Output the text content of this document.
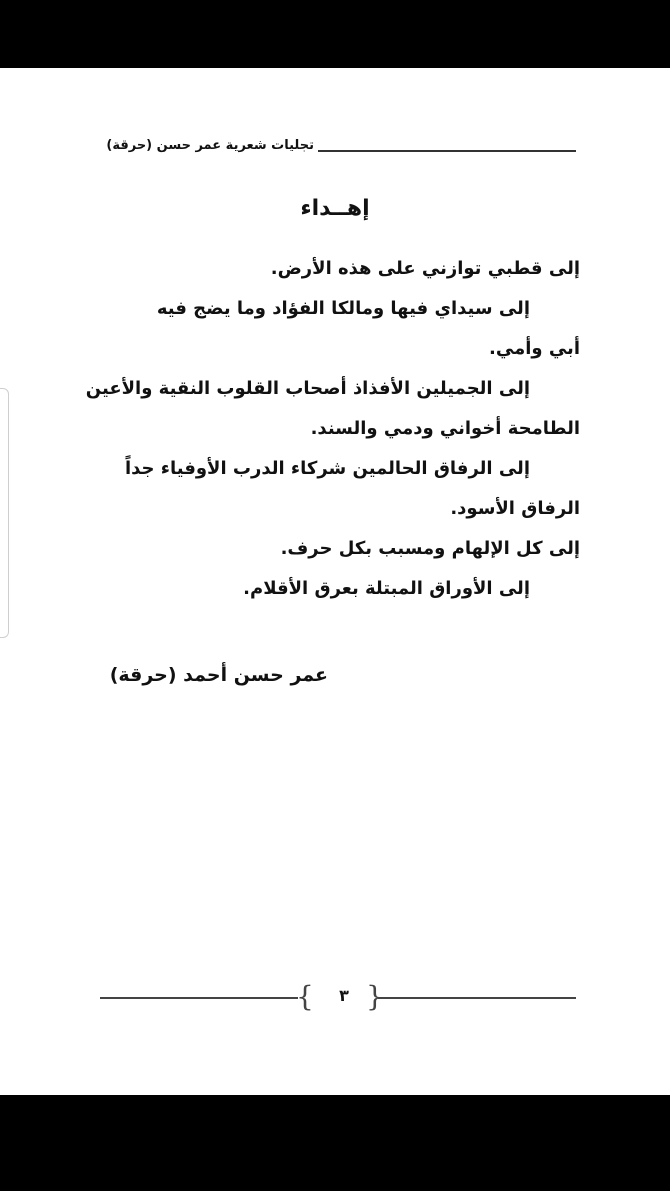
تجليات شعرية عمر حسن (حرقة)
إهــداء
إلى قطبي توازني على هذه الأرض.
إلى سيداي فيها ومالكا الفؤاد وما يضج فيه
أبي وأمي.
إلى الجميلين الأفذاذ أصحاب القلوب النقية والأعين
الطامحة أخواني ودمي والسند.
إلى الرفاق الحالمين شركاء الدرب الأوفياء جداً
الرفاق الأسود.
إلى كل الإلهام ومسبب بكل حرف.
إلى الأوراق المبتلة بعرق الأقلام.
عمر حسن أحمد (حرقة)
{	٣ }
